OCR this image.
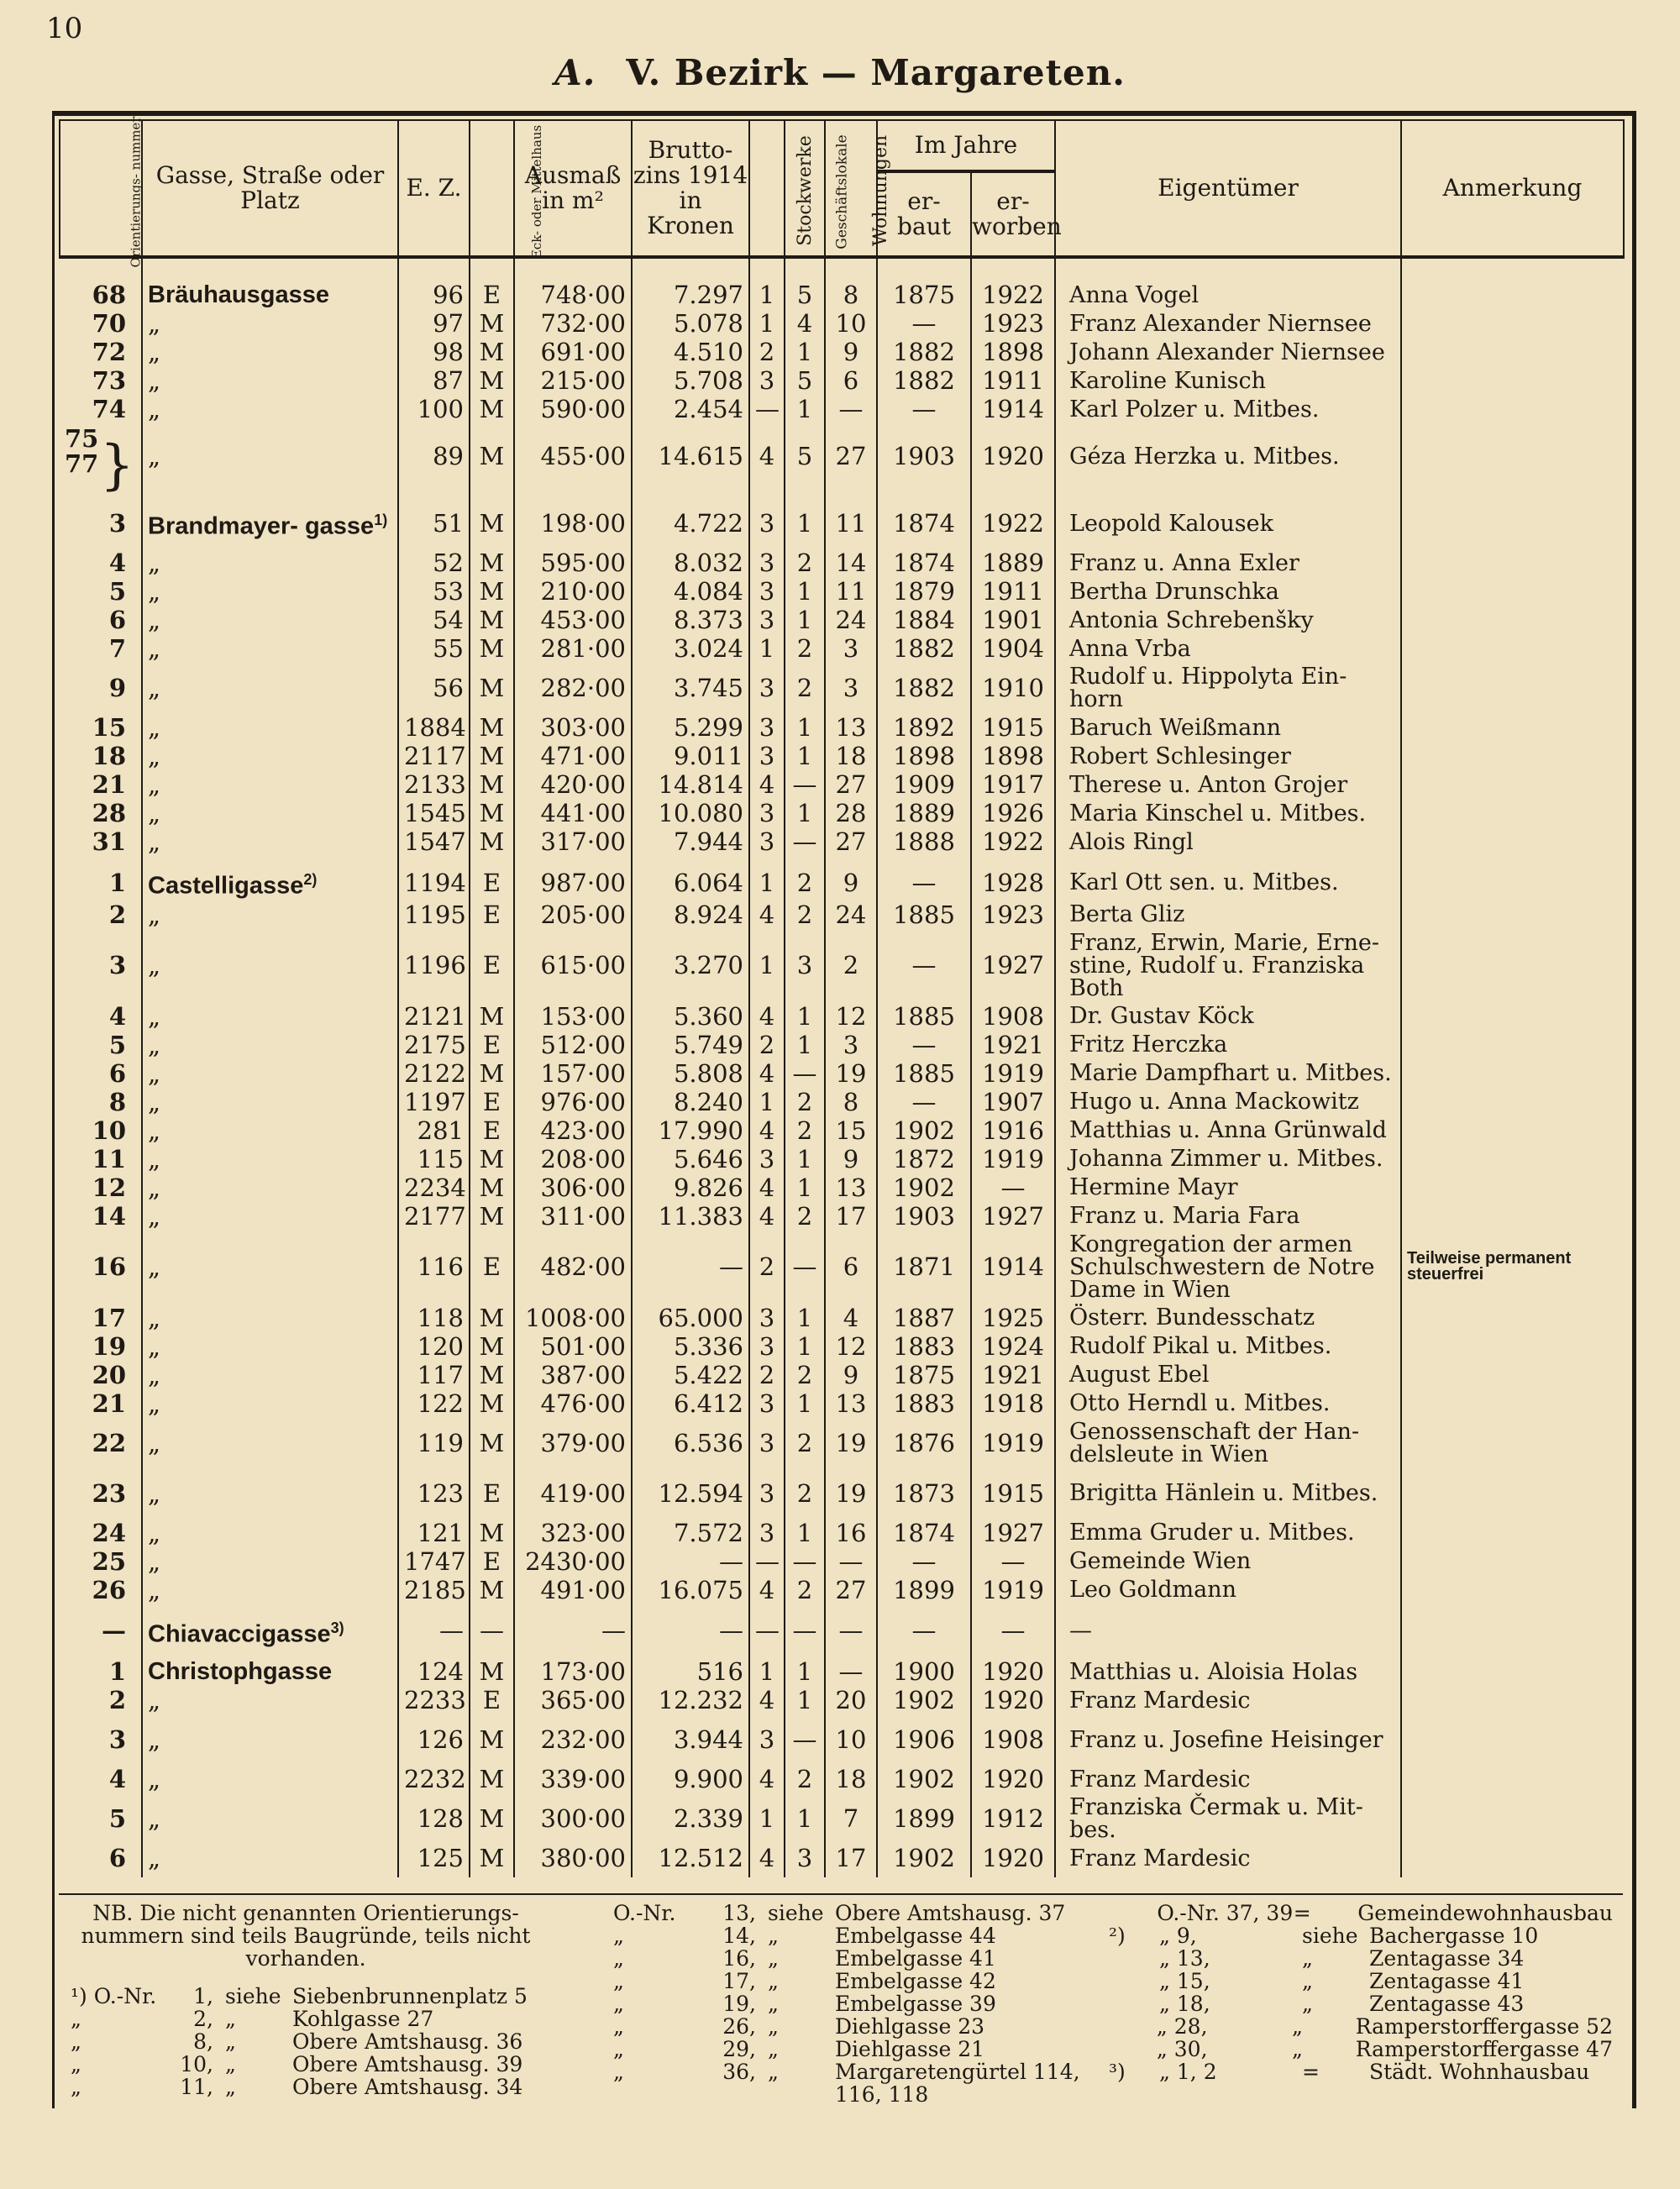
10
A. V. Bezirk — Margareten.
Orientierungs- nummer	Gasse, Straße oder Platz	E. Z.	Eck- oder Mittelhaus	Ausmaß in m²	Brutto- zins 1914 in Kronen	Stockwerke	Geschäftslokale	Wohnungen	Im Jahre		Eigentümer	Anmerkung
									er- baut	er- worben		

68	Bräuhausgasse	96	E	748·00	7.297	1	5	8	1875	1922	Anna Vogel	
70	„	97	M	732·00	5.078	1	4	10	—	1923	Franz Alexander Niernsee	
72	„	98	M	691·00	4.510	2	1	9	1882	1898	Johann Alexander Niernsee	
73	„	87	M	215·00	5.708	3	5	6	1882	1911	Karoline Kunisch	
74	„	100	M	590·00	2.454	—	1	—	—	1914	Karl Polzer u. Mitbes.	
75 77}	„	89	M	455·00	14.615	4	5	27	1903	1920	Géza Herzka u. Mitbes.	
3	Brandmayer- gasse$^{1)}$	51	M	198·00	4.722	3	1	11	1874	1922	Leopold Kalousek	
4	„	52	M	595·00	8.032	3	2	14	1874	1889	Franz u. Anna Exler	
5	„	53	M	210·00	4.084	3	1	11	1879	1911	Bertha Drunschka	
6	„	54	M	453·00	8.373	3	1	24	1884	1901	Antonia Schrebenšky	
7	„	55	M	281·00	3.024	1	2	3	1882	1904	Anna Vrba	
9	„	56	M	282·00	3.745	3	2	3	1882	1910	Rudolf u. Hippolyta Ein- horn	
15	„	1884	M	303·00	5.299	3	1	13	1892	1915	Baruch Weißmann	
18	„	2117	M	471·00	9.011	3	1	18	1898	1898	Robert Schlesinger	
21	„	2133	M	420·00	14.814	4	—	27	1909	1917	Therese u. Anton Grojer	
28	„	1545	M	441·00	10.080	3	1	28	1889	1926	Maria Kinschel u. Mitbes.	
31	„	1547	M	317·00	7.944	3	—	27	1888	1922	Alois Ringl	
1	Castelligasse$^{2)}$	1194	E	987·00	6.064	1	2	9	—	1928	Karl Ott sen. u. Mitbes.	
2	„	1195	E	205·00	8.924	4	2	24	1885	1923	Berta Gliz	
3	„	1196	E	615·00	3.270	1	3	2	—	1927	Franz, Erwin, Marie, Erne- stine, Rudolf u. Franziska Both	
4	„	2121	M	153·00	5.360	4	1	12	1885	1908	Dr. Gustav Köck	
5	„	2175	E	512·00	5.749	2	1	3	—	1921	Fritz Herczka	
6	„	2122	M	157·00	5.808	4	—	19	1885	1919	Marie Dampfhart u. Mitbes.	
8	„	1197	E	976·00	8.240	1	2	8	—	1907	Hugo u. Anna Mackowitz	
10	„	281	E	423·00	17.990	4	2	15	1902	1916	Matthias u. Anna Grünwald	
11	„	115	M	208·00	5.646	3	1	9	1872	1919	Johanna Zimmer u. Mitbes.	
12	„	2234	M	306·00	9.826	4	1	13	1902	—	Hermine Mayr	
14	„	2177	M	311·00	11.383	4	2	17	1903	1927	Franz u. Maria Fara	
16	„	116	E	482·00	—	2	—	6	1871	1914	Kongregation der armen Schulschwestern de Notre Dame in Wien	Teilweise permanent steuerfrei
17	„	118	M	1008·00	65.000	3	1	4	1887	1925	Österr. Bundesschatz	
19	„	120	M	501·00	5.336	3	1	12	1883	1924	Rudolf Pikal u. Mitbes.	
20	„	117	M	387·00	5.422	2	2	9	1875	1921	August Ebel	
21	„	122	M	476·00	6.412	3	1	13	1883	1918	Otto Herndl u. Mitbes.	
22	„	119	M	379·00	6.536	3	2	19	1876	1919	Genossenschaft der Han- delsleute in Wien	
23	„	123	E	419·00	12.594	3	2	19	1873	1915	Brigitta Hänlein u. Mitbes.	
24	„	121	M	323·00	7.572	3	1	16	1874	1927	Emma Gruder u. Mitbes.	
25	„	1747	E	2430·00	—	—	—	—	—	—	Gemeinde Wien	
26	„	2185	M	491·00	16.075	4	2	27	1899	1919	Leo Goldmann	
—	Chiavaccigasse$^{3)}$	—	—	—	—	—	—	—	—	—	—	
1	Christophgasse	124	M	173·00	516	1	1	—	1900	1920	Matthias u. Aloisia Holas	
2	„	2233	E	365·00	12.232	4	1	20	1902	1920	Franz Mardesic	
3	„	126	M	232·00	3.944	3	—	10	1906	1908	Franz u. Josefine Heisinger	
4	„	2232	M	339·00	9.900	4	2	18	1902	1920	Franz Mardesic	
5	„	128	M	300·00	2.339	1	1	7	1899	1912	Franziska Čermak u. Mit- bes.	
6	„	125	M	380·00	12.512	4	3	17	1902	1920	Franz Mardesic	

NB. Die nicht genannten Orientierungs- nummern sind teils Baugründe, teils nicht vorhanden.
¹) O.-Nr.	1, siehe Siebenbrunnenplatz 5
„	2, „	Kohlgasse 27
„	8, „	Obere Amtshausg. 36
„	10, „	Obere Amtshausg. 39
„	11, „	Obere Amtshausg. 34
O.-Nr.	13, siehe Obere Amtshausg. 37
„	14, „	Embelgasse 44
„	16, „	Embelgasse 41
„	17, „	Embelgasse 42
„	19, „	Embelgasse 39
„	26, „	Diehlgasse 23
„	29, „	Diehlgasse 21
„	36, „	Margaretengürtel 114,
116, 118
O.-Nr. 37, 39 =	Gemeindewohnhausbau
²)	„ 9,	siehe Bachergasse 10
„ 13,	„	Zentagasse 34
„ 15,	„	Zentagasse 41
„ 18,	„	Zentagasse 43
„ 28,	„	Ramperstorffergasse 52
„ 30,	„	Ramperstorffergasse 47
³)	„ 1, 2	=	Städt. Wohnhausbau
